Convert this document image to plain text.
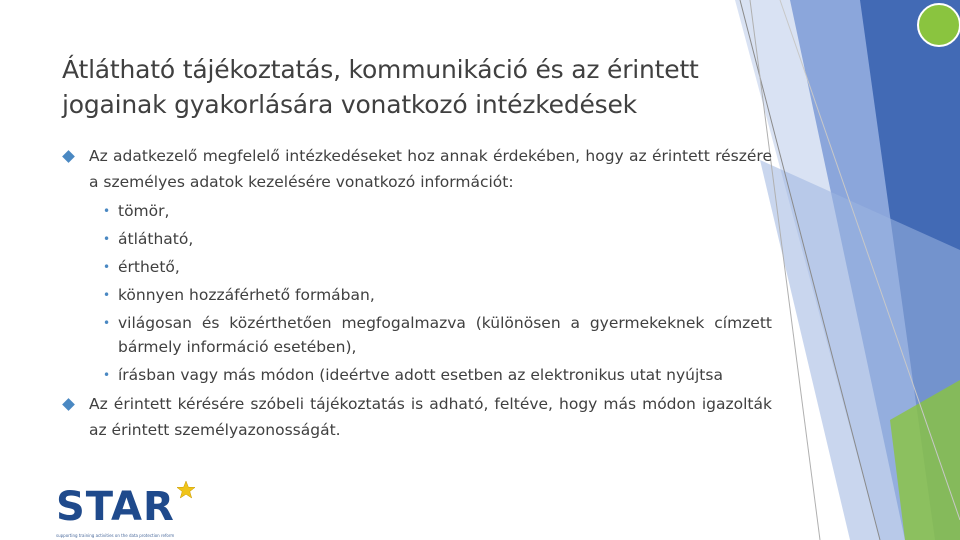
Átlátható tájékoztatás, kommunikáció és az érintett
jogainak gyakorlására vonatkozó intézkedések
Az adatkezelő megfelelő intézkedéseket hoz annak érdekében, hogy az érintett részére a személyes adatok kezelésére vonatkozó információt:
• tömör,
• átlátható,
• érthető,
• könnyen hozzáférhető formában,
• világosan és közérthetően megfogalmazva (különösen a gyermekeknek címzett bármely információ esetében),
• írásban vagy más módon (ideértve adott esetben az elektronikus utat nyújtsa
Az érintett kérésére szóbeli tájékoztatás is adható, feltéve, hogy más módon igazolták az érintett személyazonosságát.
STAR
supporting training activities on the data protection reform
